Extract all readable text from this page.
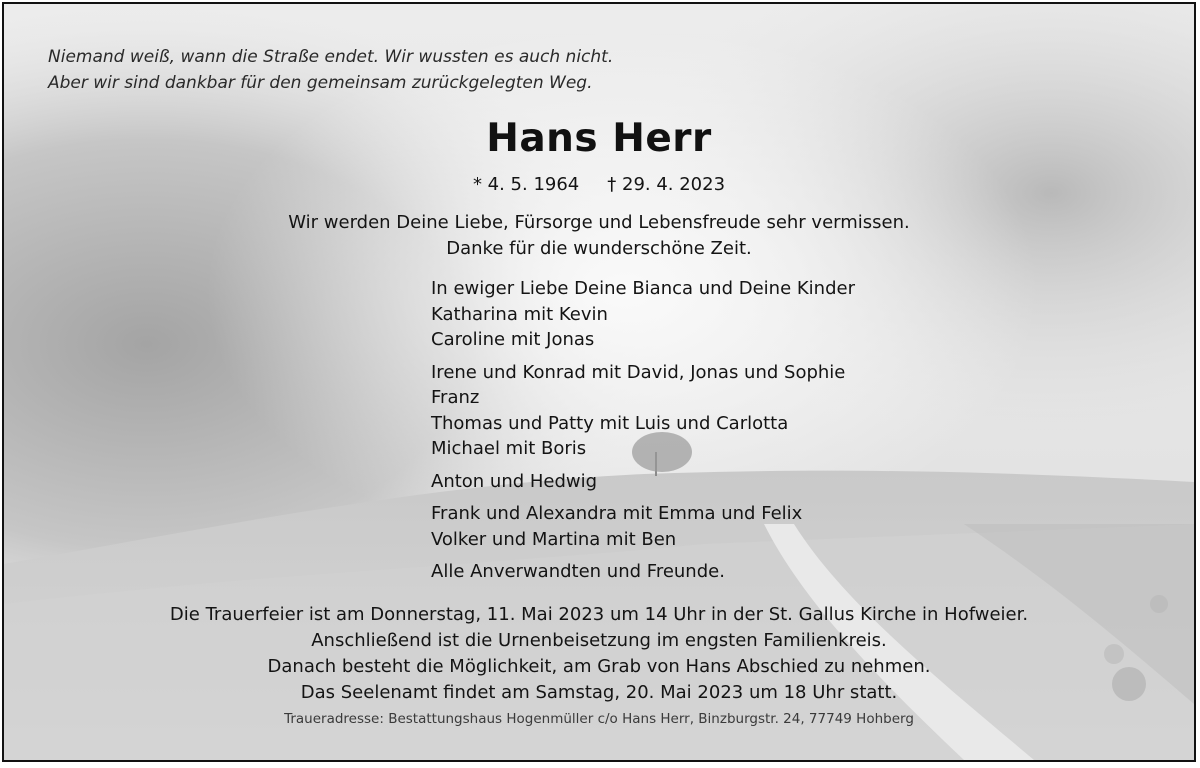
Niemand weiß, wann die Straße endet. Wir wussten es auch nicht.
Aber wir sind dankbar für den gemeinsam zurückgelegten Weg.

Hans Herr

* 4. 5. 1964 † 29. 4. 2023

Wir werden Deine Liebe, Fürsorge und Lebensfreude sehr vermissen.
Danke für die wunderschöne Zeit.

In ewiger Liebe Deine Bianca und Deine Kinder
Katharina mit Kevin
Caroline mit Jonas
Irene und Konrad mit David, Jonas und Sophie
Franz
Thomas und Patty mit Luis und Carlotta
Michael mit Boris
Anton und Hedwig
Frank und Alexandra mit Emma und Felix
Volker und Martina mit Ben
Alle Anverwandten und Freunde.

Die Trauerfeier ist am Donnerstag, 11. Mai 2023 um 14 Uhr in der St. Gallus Kirche in Hofweier.
Anschließend ist die Urnenbeisetzung im engsten Familienkreis.
Danach besteht die Möglichkeit, am Grab von Hans Abschied zu nehmen.
Das Seelenamt findet am Samstag, 20. Mai 2023 um 18 Uhr statt.

Traueradresse: Bestattungshaus Hogenmüller c/o Hans Herr, Binzburgstr. 24, 77749 Hohberg
